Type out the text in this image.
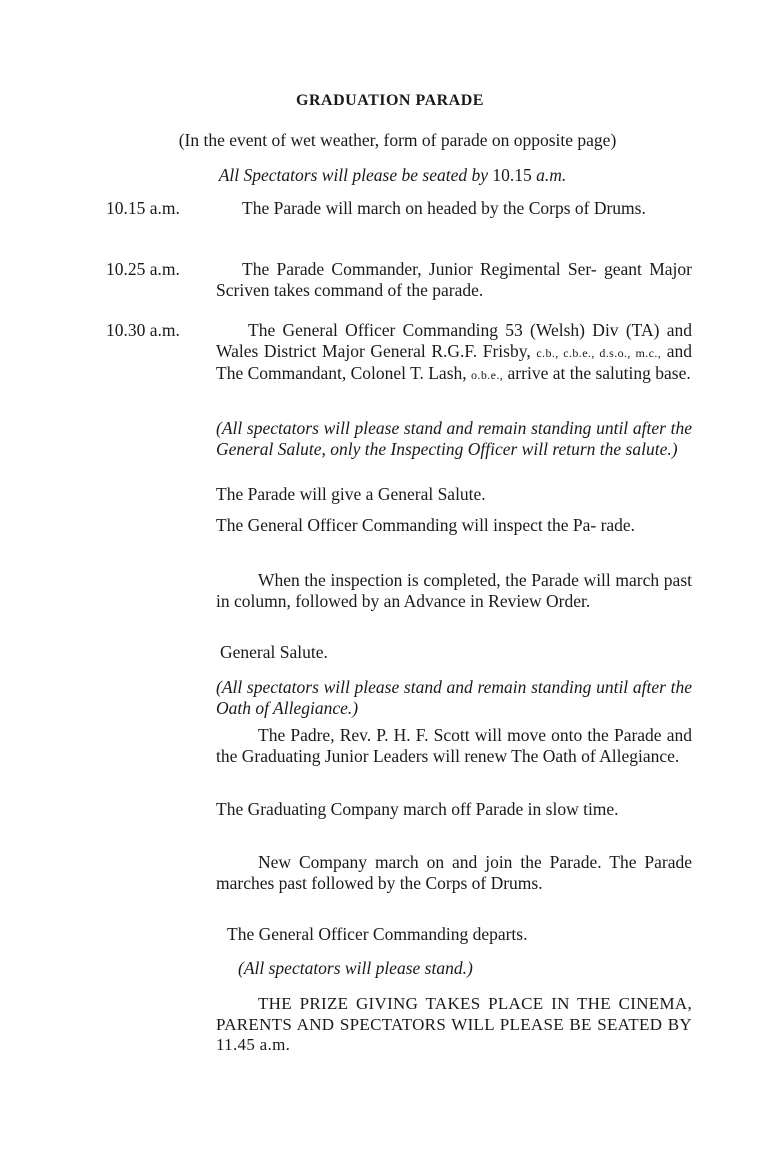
GRADUATION PARADE
(In the event of wet weather, form of parade on opposite page)
All Spectators will please be seated by 10.15 a.m.
10.15 a.m.	The Parade will march on headed by the Corps of Drums.
10.25 a.m.	The Parade Commander, Junior Regimental Ser- geant Major Scriven takes command of the parade.
10.30 a.m.	The General Officer Commanding 53 (Welsh) Div (TA) and Wales District Major General R.G.F. Frisby, c.b., c.b.e., d.s.o., m.c., and The Commandant, Colonel T. Lash, o.b.e., arrive at the saluting base.
(All spectators will please stand and remain standing until after the General Salute, only the Inspecting Officer will return the salute.)
The Parade will give a General Salute.
The General Officer Commanding will inspect the Pa- rade.
When the inspection is completed, the Parade will march past in column, followed by an Advance in Review Order.
General Salute.
(All spectators will please stand and remain standing until after the Oath of Allegiance.)
The Padre, Rev. P. H. F. Scott will move onto the Parade and the Graduating Junior Leaders will renew The Oath of Allegiance.
The Graduating Company march off Parade in slow time.
New Company march on and join the Parade. The Parade marches past followed by the Corps of Drums.
The General Officer Commanding departs.
(All spectators will please stand.)
THE PRIZE GIVING TAKES PLACE IN THE CINEMA, PARENTS AND SPECTATORS WILL PLEASE BE SEATED BY 11.45 a.m.
